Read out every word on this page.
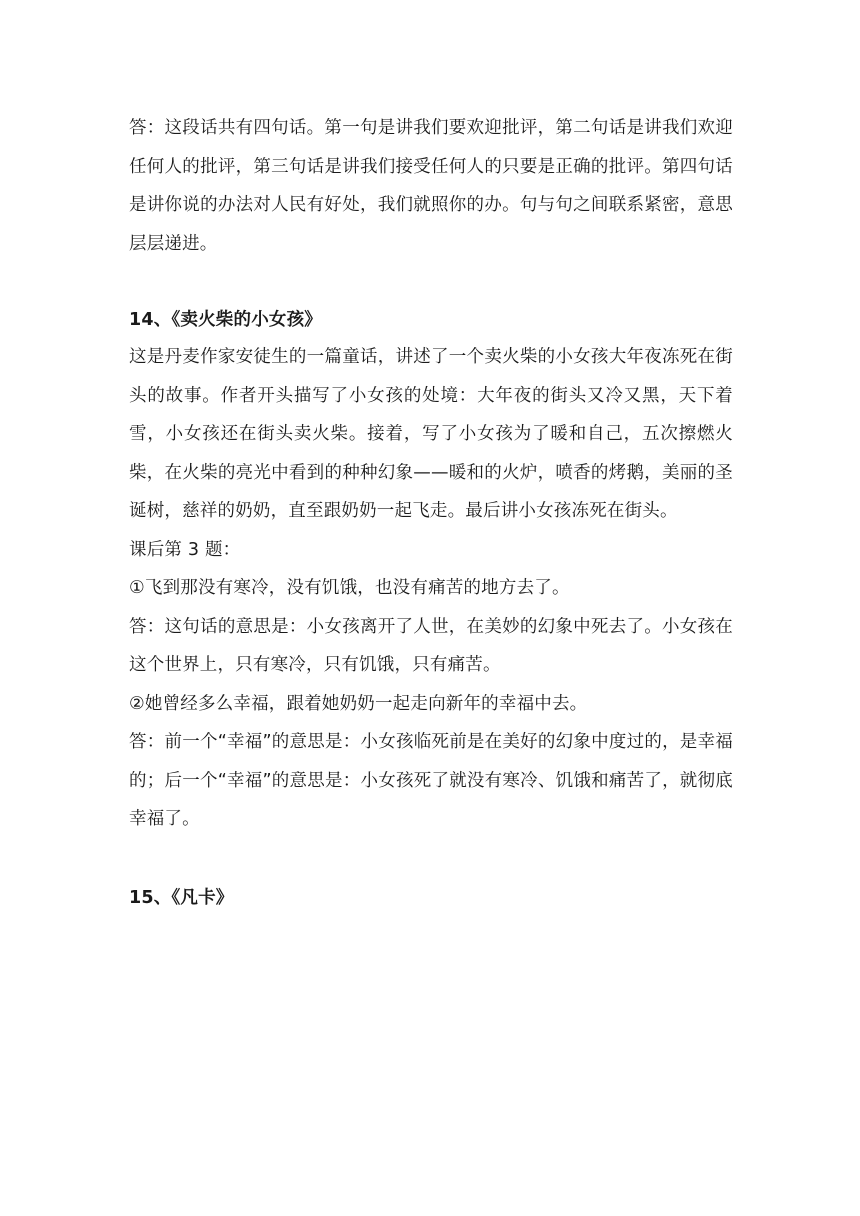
答：这段话共有四句话。第一句是讲我们要欢迎批评，第二句话是讲我们欢迎任何人的批评，第三句话是讲我们接受任何人的只要是正确的批评。第四句话是讲你说的办法对人民有好处，我们就照你的办。句与句之间联系紧密，意思层层递进。

14、《卖火柴的小女孩》

这是丹麦作家安徒生的一篇童话，讲述了一个卖火柴的小女孩大年夜冻死在街头的故事。作者开头描写了小女孩的处境：大年夜的街头又冷又黑，天下着雪，小女孩还在街头卖火柴。接着，写了小女孩为了暖和自己，五次擦燃火柴，在火柴的亮光中看到的种种幻象——暖和的火炉，喷香的烤鹅，美丽的圣诞树，慈祥的奶奶，直至跟奶奶一起飞走。最后讲小女孩冻死在街头。

课后第 3 题：

①飞到那没有寒冷，没有饥饿，也没有痛苦的地方去了。

答：这句话的意思是：小女孩离开了人世，在美妙的幻象中死去了。小女孩在这个世界上，只有寒冷，只有饥饿，只有痛苦。

②她曾经多么幸福，跟着她奶奶一起走向新年的幸福中去。

答：前一个“幸福”的意思是：小女孩临死前是在美好的幻象中度过的，是幸福的；后一个“幸福”的意思是：小女孩死了就没有寒冷、饥饿和痛苦了，就彻底幸福了。

15、《凡卡》
